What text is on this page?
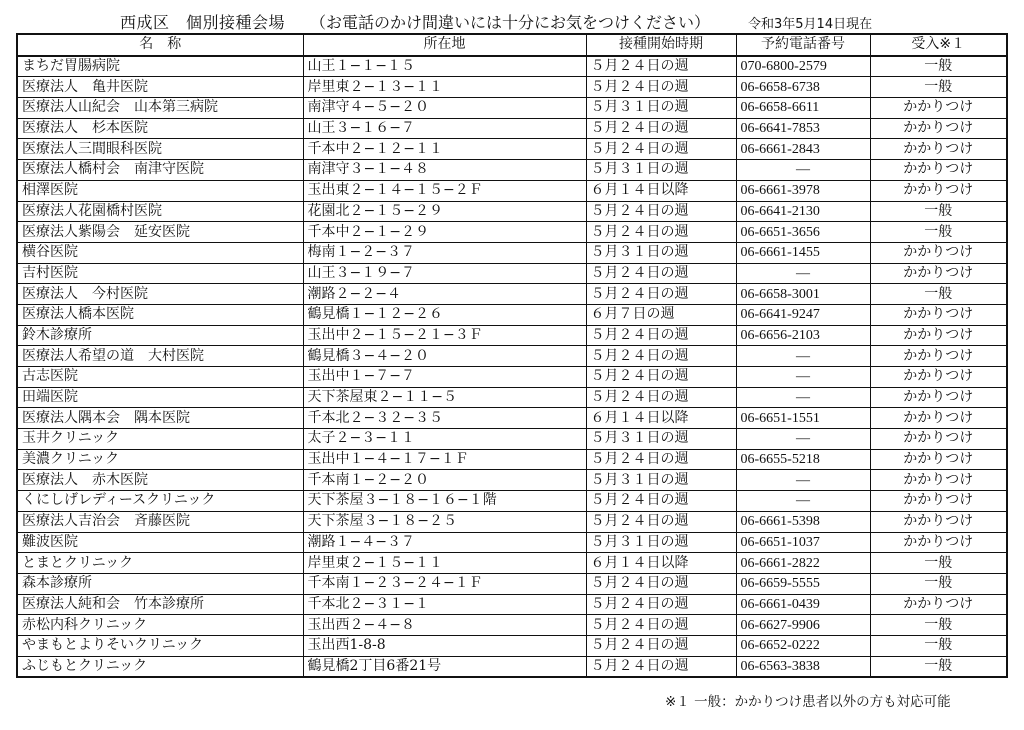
西成区　個別接種会場 （お電話のかけ間違いには十分にお気をつけください）	令和3年5月14日現在
名　称	所在地	接種開始時期	予約電話番号	受入※１
まちだ胃腸病院	山王１−１−１５	５月２４日の週	070-6800-2579	一般
医療法人　亀井医院	岸里東２−１３−１１	５月２４日の週	06-6658-6738	一般
医療法人山紀会　山本第三病院	南津守４−５−２０	５月３１日の週	06-6658-6611	かかりつけ
医療法人　杉本医院	山王３−１６−７	５月２４日の週	06-6641-7853	かかりつけ
医療法人三間眼科医院	千本中２−１２−１１	５月２４日の週	06-6661-2843	かかりつけ
医療法人橋村会　南津守医院	南津守３−１−４８	５月３１日の週	—	かかりつけ
相澤医院	玉出東２−１４−１５−２Ｆ	６月１４日以降	06-6661-3978	かかりつけ
医療法人花園橋村医院	花園北２−１５−２９	５月２４日の週	06-6641-2130	一般
医療法人紫陽会　延安医院	千本中２−１−２９	５月２４日の週	06-6651-3656	一般
横谷医院	梅南１−２−３７	５月３１日の週	06-6661-1455	かかりつけ
吉村医院	山王３−１９−７	５月２４日の週	—	かかりつけ
医療法人　今村医院	潮路２−２−４	５月２４日の週	06-6658-3001	一般
医療法人橋本医院	鶴見橋１−１２−２６	６月７日の週	06-6641-9247	かかりつけ
鈴木診療所	玉出中２−１５−２１−３Ｆ	５月２４日の週	06-6656-2103	かかりつけ
医療法人希望の道　大村医院	鶴見橋３−４−２０	５月２４日の週	—	かかりつけ
古志医院	玉出中１−７−７	５月２４日の週	—	かかりつけ
田端医院	天下茶屋東２−１１−５	５月２４日の週	—	かかりつけ
医療法人隅本会　隅本医院	千本北２−３２−３５	６月１４日以降	06-6651-1551	かかりつけ
玉井クリニック	太子２−３−１１	５月３１日の週	—	かかりつけ
美濃クリニック	玉出中１−４−１７−１Ｆ	５月２４日の週	06-6655-5218	かかりつけ
医療法人　赤木医院	千本南１−２−２０	５月３１日の週	—	かかりつけ
くにしげレディースクリニック	天下茶屋３−１８−１６−１階	５月２４日の週	—	かかりつけ
医療法人吉治会　斉藤医院	天下茶屋３−１８−２５	５月２４日の週	06-6661-5398	かかりつけ
難波医院	潮路１−４−３７	５月３１日の週	06-6651-1037	かかりつけ
とまとクリニック	岸里東２−１５−１１	６月１４日以降	06-6661-2822	一般
森本診療所	千本南１−２３−２４−１Ｆ	５月２４日の週	06-6659-5555	一般
医療法人純和会　竹本診療所	千本北２−３１−１	５月２４日の週	06-6661-0439	かかりつけ
赤松内科クリニック	玉出西２−４−８	５月２４日の週	06-6627-9906	一般
やまもとよりそいクリニック	玉出西1-8-8	５月２４日の週	06-6652-0222	一般
ふじもとクリニック	鶴見橋2丁目6番21号	５月２４日の週	06-6563-3838	一般
※１ 一般：かかりつけ患者以外の方も対応可能
